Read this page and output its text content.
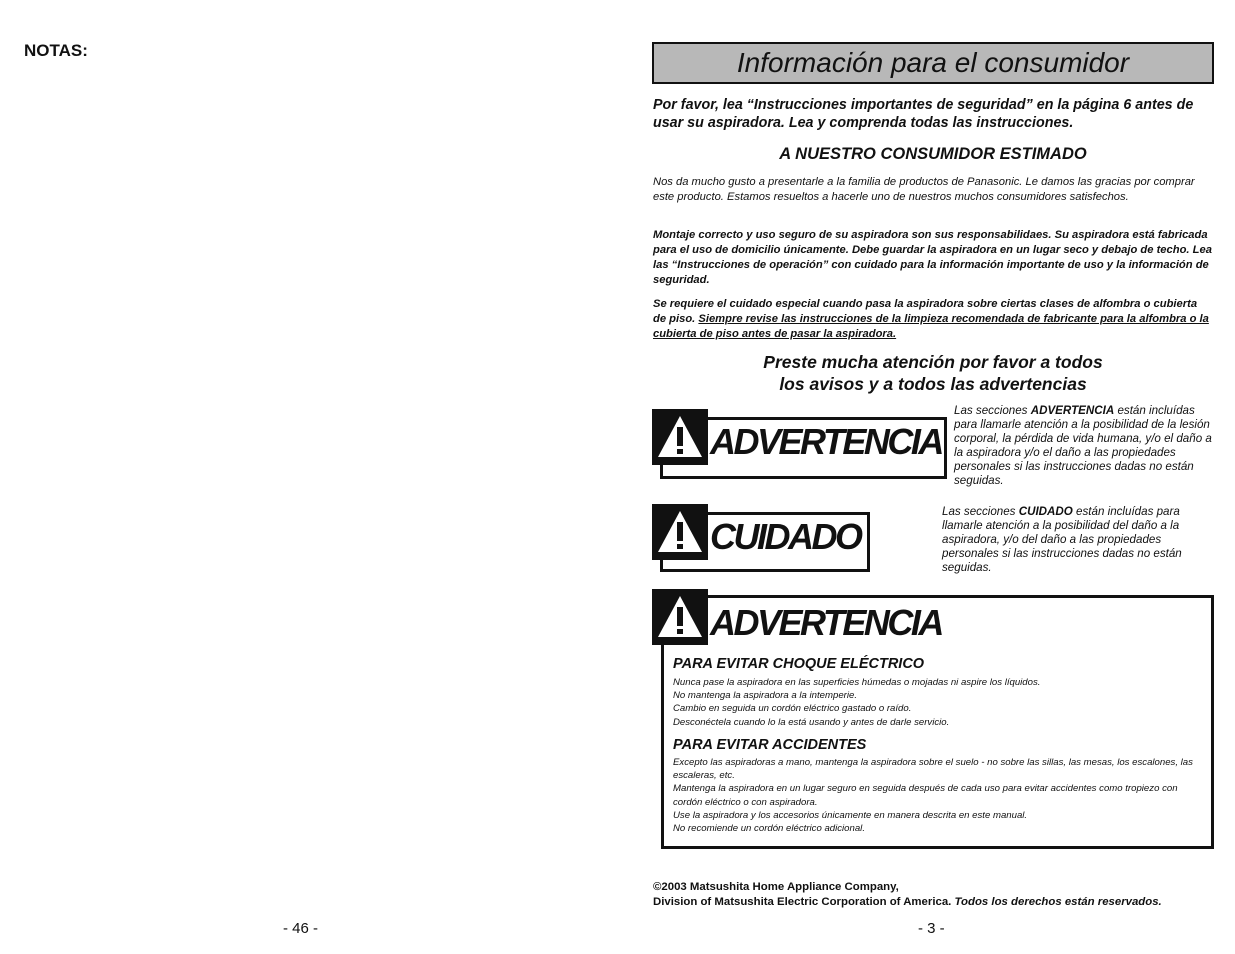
NOTAS:
- 46 -
Información para el consumidor
Por favor, lea “Instrucciones importantes de seguridad” en la página 6 antes de usar su aspiradora. Lea y comprenda todas las instrucciones.
A NUESTRO CONSUMIDOR ESTIMADO
Nos da mucho gusto a presentarle a la familia de productos de Panasonic. Le damos las gracias por comprar este producto. Estamos resueltos a hacerle uno de nuestros muchos consumidores satisfechos.
Montaje correcto y uso seguro de su aspiradora son sus responsabilidaes. Su aspiradora está fabricada para el uso de domicilio únicamente. Debe guardar la aspiradora en un lugar seco y debajo de techo. Lea las “Instrucciones de operación” con cuidado para la información importante de uso y la información de seguridad.
Se requiere el cuidado especial cuando pasa la aspiradora sobre ciertas clases de alfombra o cubierta de piso. Siempre revise las instrucciones de la limpieza recomendada de fabricante para la alfombra o la cubierta de piso antes de pasar la aspiradora.
Preste mucha atención por favor a todos
los avisos y a todos las advertencias
ADVERTENCIA
Las secciones ADVERTENCIA están incluídas para llamarle atención a la posibilidad de la lesión corporal, la pérdida de vida humana, y/o el daño a la aspiradora y/o el daño a las propiedades personales si las instrucciones dadas no están seguidas.
CUIDADO
Las secciones CUIDADO están incluídas para llamarle atención a la posibilidad del daño a la aspiradora, y/o del daño a las propiedades personales si las instrucciones dadas no están seguidas.
ADVERTENCIA
PARA EVITAR CHOQUE ELÉCTRICO
Nunca pase la aspiradora en las superficies húmedas o mojadas ni aspire los líquidos.
No mantenga la aspiradora a la intemperie.
Cambio en seguida un cordón eléctrico gastado o raído.
Desconéctela cuando lo la está usando y antes de darle servicio.
PARA EVITAR ACCIDENTES
Excepto las aspiradoras a mano, mantenga la aspiradora sobre el suelo - no sobre las sillas, las mesas, los escalones, las escaleras, etc.
Mantenga la aspiradora en un lugar seguro en seguida después de cada uso para evitar accidentes como tropiezo con cordón eléctrico o con aspiradora.
Use la aspiradora y los accesorios únicamente en manera descrita en este manual.
No recomiende un cordón eléctrico adicional.
©2003 Matsushita Home Appliance Company,
Division of Matsushita Electric Corporation of America. Todos los derechos están reservados.
- 3 -
